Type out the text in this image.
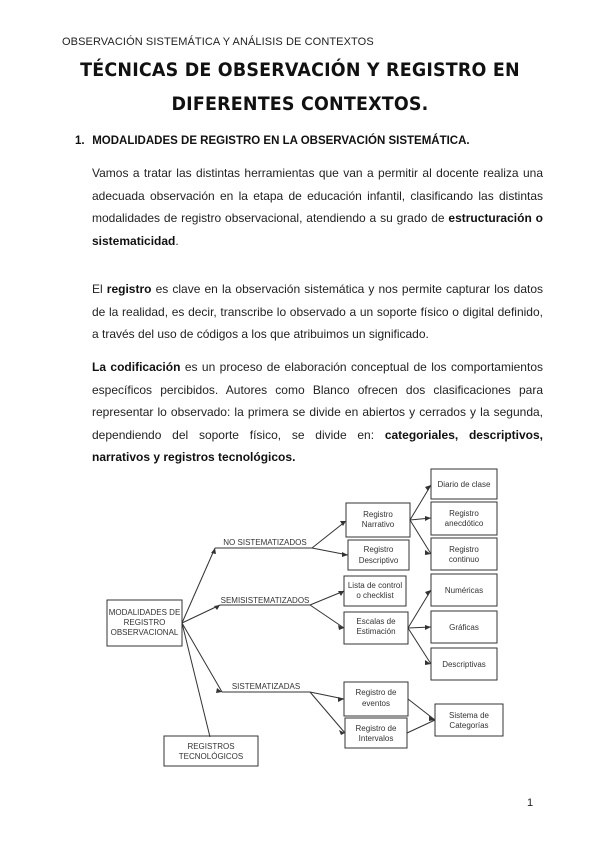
OBSERVACIÓN SISTEMÁTICA Y ANÁLISIS DE CONTEXTOS
TÉCNICAS DE OBSERVACIÓN Y REGISTRO EN
DIFERENTES CONTEXTOS.
1. MODALIDADES DE REGISTRO EN LA OBSERVACIÓN SISTEMÁTICA.
Vamos a tratar las distintas herramientas que van a permitir al docente realiza una adecuada observación en la etapa de educación infantil, clasificando las distintas modalidades de registro observacional, atendiendo a su grado de estructuración o sistematicidad.
El registro es clave en la observación sistemática y nos permite capturar los datos de la realidad, es decir, transcribe lo observado a un soporte físico o digital definido, a través del uso de códigos a los que atribuimos un significado.
La codificación es un proceso de elaboración conceptual de los comportamientos específicos percibidos. Autores como Blanco ofrecen dos clasificaciones para representar lo observado: la primera se divide en abiertos y cerrados y la segunda, dependiendo del soporte físico, se divide en: categoriales, descriptivos, narrativos y registros tecnológicos.
MODALIDADES DE
REGISTRO
OBSERVACIONAL
NO SISTEMATIZADOS
SEMISISTEMATIZADOS
SISTEMATIZADAS
REGISTROS
TECNOLÓGICOS
Registro
Narrativo
Registro
Descriptivo
Lista de control
o checklist
Escalas de
Estimación
Registro de
eventos
Registro de
Intervalos
Diario de clase
Registro
anecdótico
Registro
continuo
Numéricas
Gráficas
Descriptivas
Sistema de
Categorías
1
